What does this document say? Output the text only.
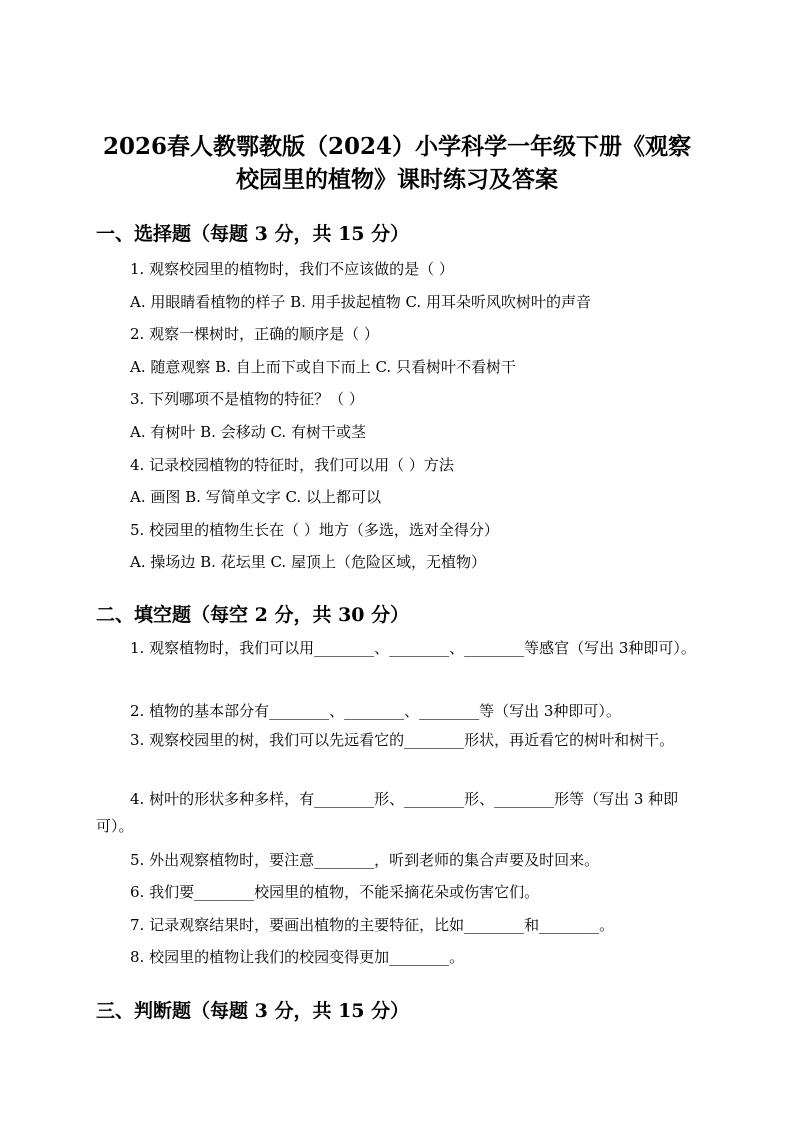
2026春人教鄂教版（2024）小学科学一年级下册《观察
校园里的植物》课时练习及答案
一、选择题（每题 3 分，共 15 分）
1. 观察校园里的植物时，我们不应该做的是（ ）
A. 用眼睛看植物的样子 B. 用手拔起植物 C. 用耳朵听风吹树叶的声音
2. 观察一棵树时，正确的顺序是（ ）
A. 随意观察 B. 自上而下或自下而上 C. 只看树叶不看树干
3. 下列哪项不是植物的特征？（ ）
A. 有树叶 B. 会移动 C. 有树干或茎
4. 记录校园植物的特征时，我们可以用（ ）方法
A. 画图 B. 写简单文字 C. 以上都可以
5. 校园里的植物生长在（ ）地方（多选，选对全得分）
A. 操场边 B. 花坛里 C. 屋顶上（危险区域，无植物）
二、填空题（每空 2 分，共 30 分）
1. 观察植物时，我们可以用________、________、________等感官（写出 3种即可）。
2. 植物的基本部分有________、________、________等（写出 3种即可）。
3. 观察校园里的树，我们可以先远看它的________形状，再近看它的树叶和树干。
4. 树叶的形状多种多样，有________形、________形、________形等（写出 3 种即可）。
5. 外出观察植物时，要注意________，听到老师的集合声要及时回来。
6. 我们要________校园里的植物，不能采摘花朵或伤害它们。
7. 记录观察结果时，要画出植物的主要特征，比如________和________。
8. 校园里的植物让我们的校园变得更加________。
三、判断题（每题 3 分，共 15 分）
